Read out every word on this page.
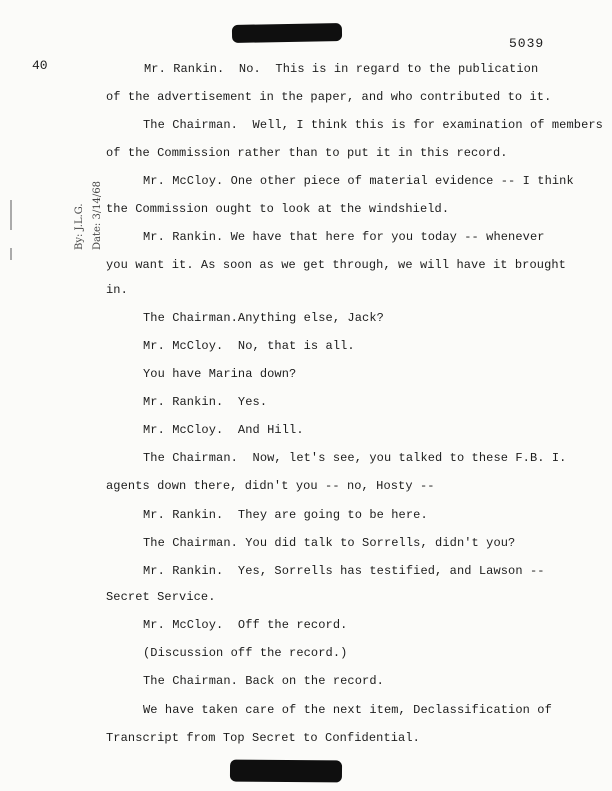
5039
40
By: J.L.G. Date: 3/14/68
Mr. Rankin.  No.  This is in regard to the publication
of the advertisement in the paper, and who contributed to it.
The Chairman.  Well, I think this is for examination of members
of the Commission rather than to put it in this record.
Mr. McCloy. One other piece of material evidence -- I think
the Commission ought to look at the windshield.
Mr. Rankin. We have that here for you today -- whenever
you want it. As soon as we get through, we will have it brought
in.
The Chairman.Anything else, Jack?
Mr. McCloy.  No, that is all.
You have Marina down?
Mr. Rankin.  Yes.
Mr. McCloy.  And Hill.
The Chairman.  Now, let's see, you talked to these F.B. I.
agents down there, didn't you -- no, Hosty --
Mr. Rankin.  They are going to be here.
The Chairman. You did talk to Sorrells, didn't you?
Mr. Rankin.  Yes, Sorrells has testified, and Lawson --
Secret Service.
Mr. McCloy.  Off the record.
(Discussion off the record.)
The Chairman. Back on the record.
We have taken care of the next item, Declassification of
Transcript from Top Secret to Confidential.
